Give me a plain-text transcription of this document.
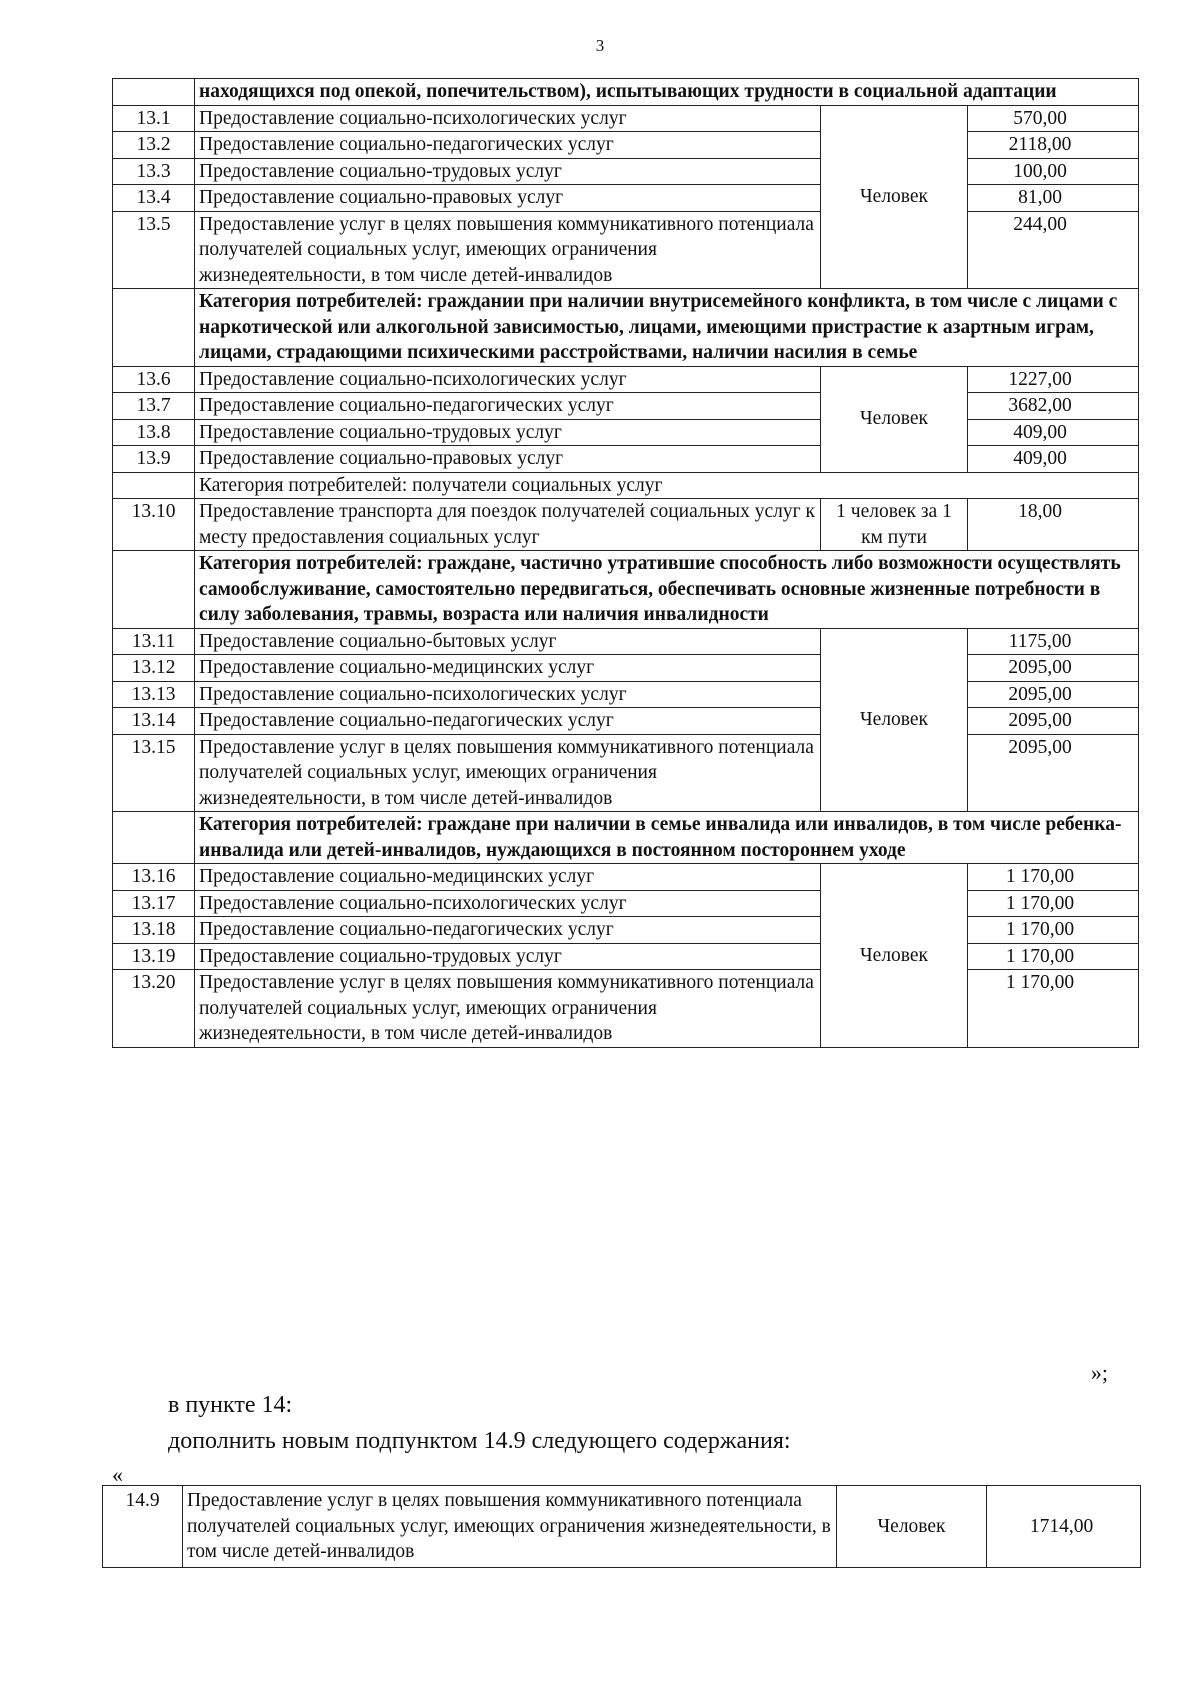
3
	находящихся под опекой, попечительством), испытывающих трудности в социальной адаптации		
13.1	Предоставление социально-психологических услуг	Человек	570,00
13.2	Предоставление социально-педагогических услуг		2118,00
13.3	Предоставление социально-трудовых услуг		100,00
13.4	Предоставление социально-правовых услуг		81,00
13.5	Предоставление услуг в целях повышения коммуникативного потенциала получателей социальных услуг, имеющих ограничения жизнедеятельности, в том числе детей-инвалидов		244,00
	Категория потребителей: граждании при наличии внутрисемейного конфликта, в том числе с лицами с наркотической или алкогольной зависимостью, лицами, имеющими пристрастие к азартным играм, лицами, страдающими психическими расстройствами, наличии насилия в семье		
13.6	Предоставление социально-психологических услуг	Человек	1227,00
13.7	Предоставление социально-педагогических услуг		3682,00
13.8	Предоставление социально-трудовых услуг		409,00
13.9	Предоставление социально-правовых услуг		409,00
	Категория потребителей: получатели социальных услуг		
13.10	Предоставление транспорта для поездок получателей социальных услуг к месту предоставления социальных услуг	1 человек за 1 км пути	18,00
	Категория потребителей: граждане, частично утратившие способность либо возможности осуществлять самообслуживание, самостоятельно передвигаться, обеспечивать основные жизненные потребности в силу заболевания, травмы, возраста или наличия инвалидности		
13.11	Предоставление социально-бытовых услуг	Человек	1175,00
13.12	Предоставление социально-медицинских услуг		2095,00
13.13	Предоставление социально-психологических услуг		2095,00
13.14	Предоставление социально-педагогических услуг		2095,00
13.15	Предоставление услуг в целях повышения коммуникативного потенциала получателей социальных услуг, имеющих ограничения жизнедеятельности, в том числе детей-инвалидов		2095,00
	Категория потребителей: граждане при наличии в семье инвалида или инвалидов, в том числе ребенка-инвалида или детей-инвалидов, нуждающихся в постоянном постороннем уходе		
13.16	Предоставление социально-медицинских услуг	Человек	1 170,00
13.17	Предоставление социально-психологических услуг		1 170,00
13.18	Предоставление социально-педагогических услуг		1 170,00
13.19	Предоставление социально-трудовых услуг		1 170,00
13.20	Предоставление услуг в целях повышения коммуникативного потенциала получателей социальных услуг, имеющих ограничения жизнедеятельности, в том числе детей-инвалидов		1 170,00
»;
в пункте 14:
дополнить новым подпунктом 14.9 следующего содержания:
«
14.9	Предоставление услуг в целях повышения коммуникативного потенциала получателей социальных услуг, имеющих ограничения жизнедеятельности, в том числе детей-инвалидов	Человек	1714,00
